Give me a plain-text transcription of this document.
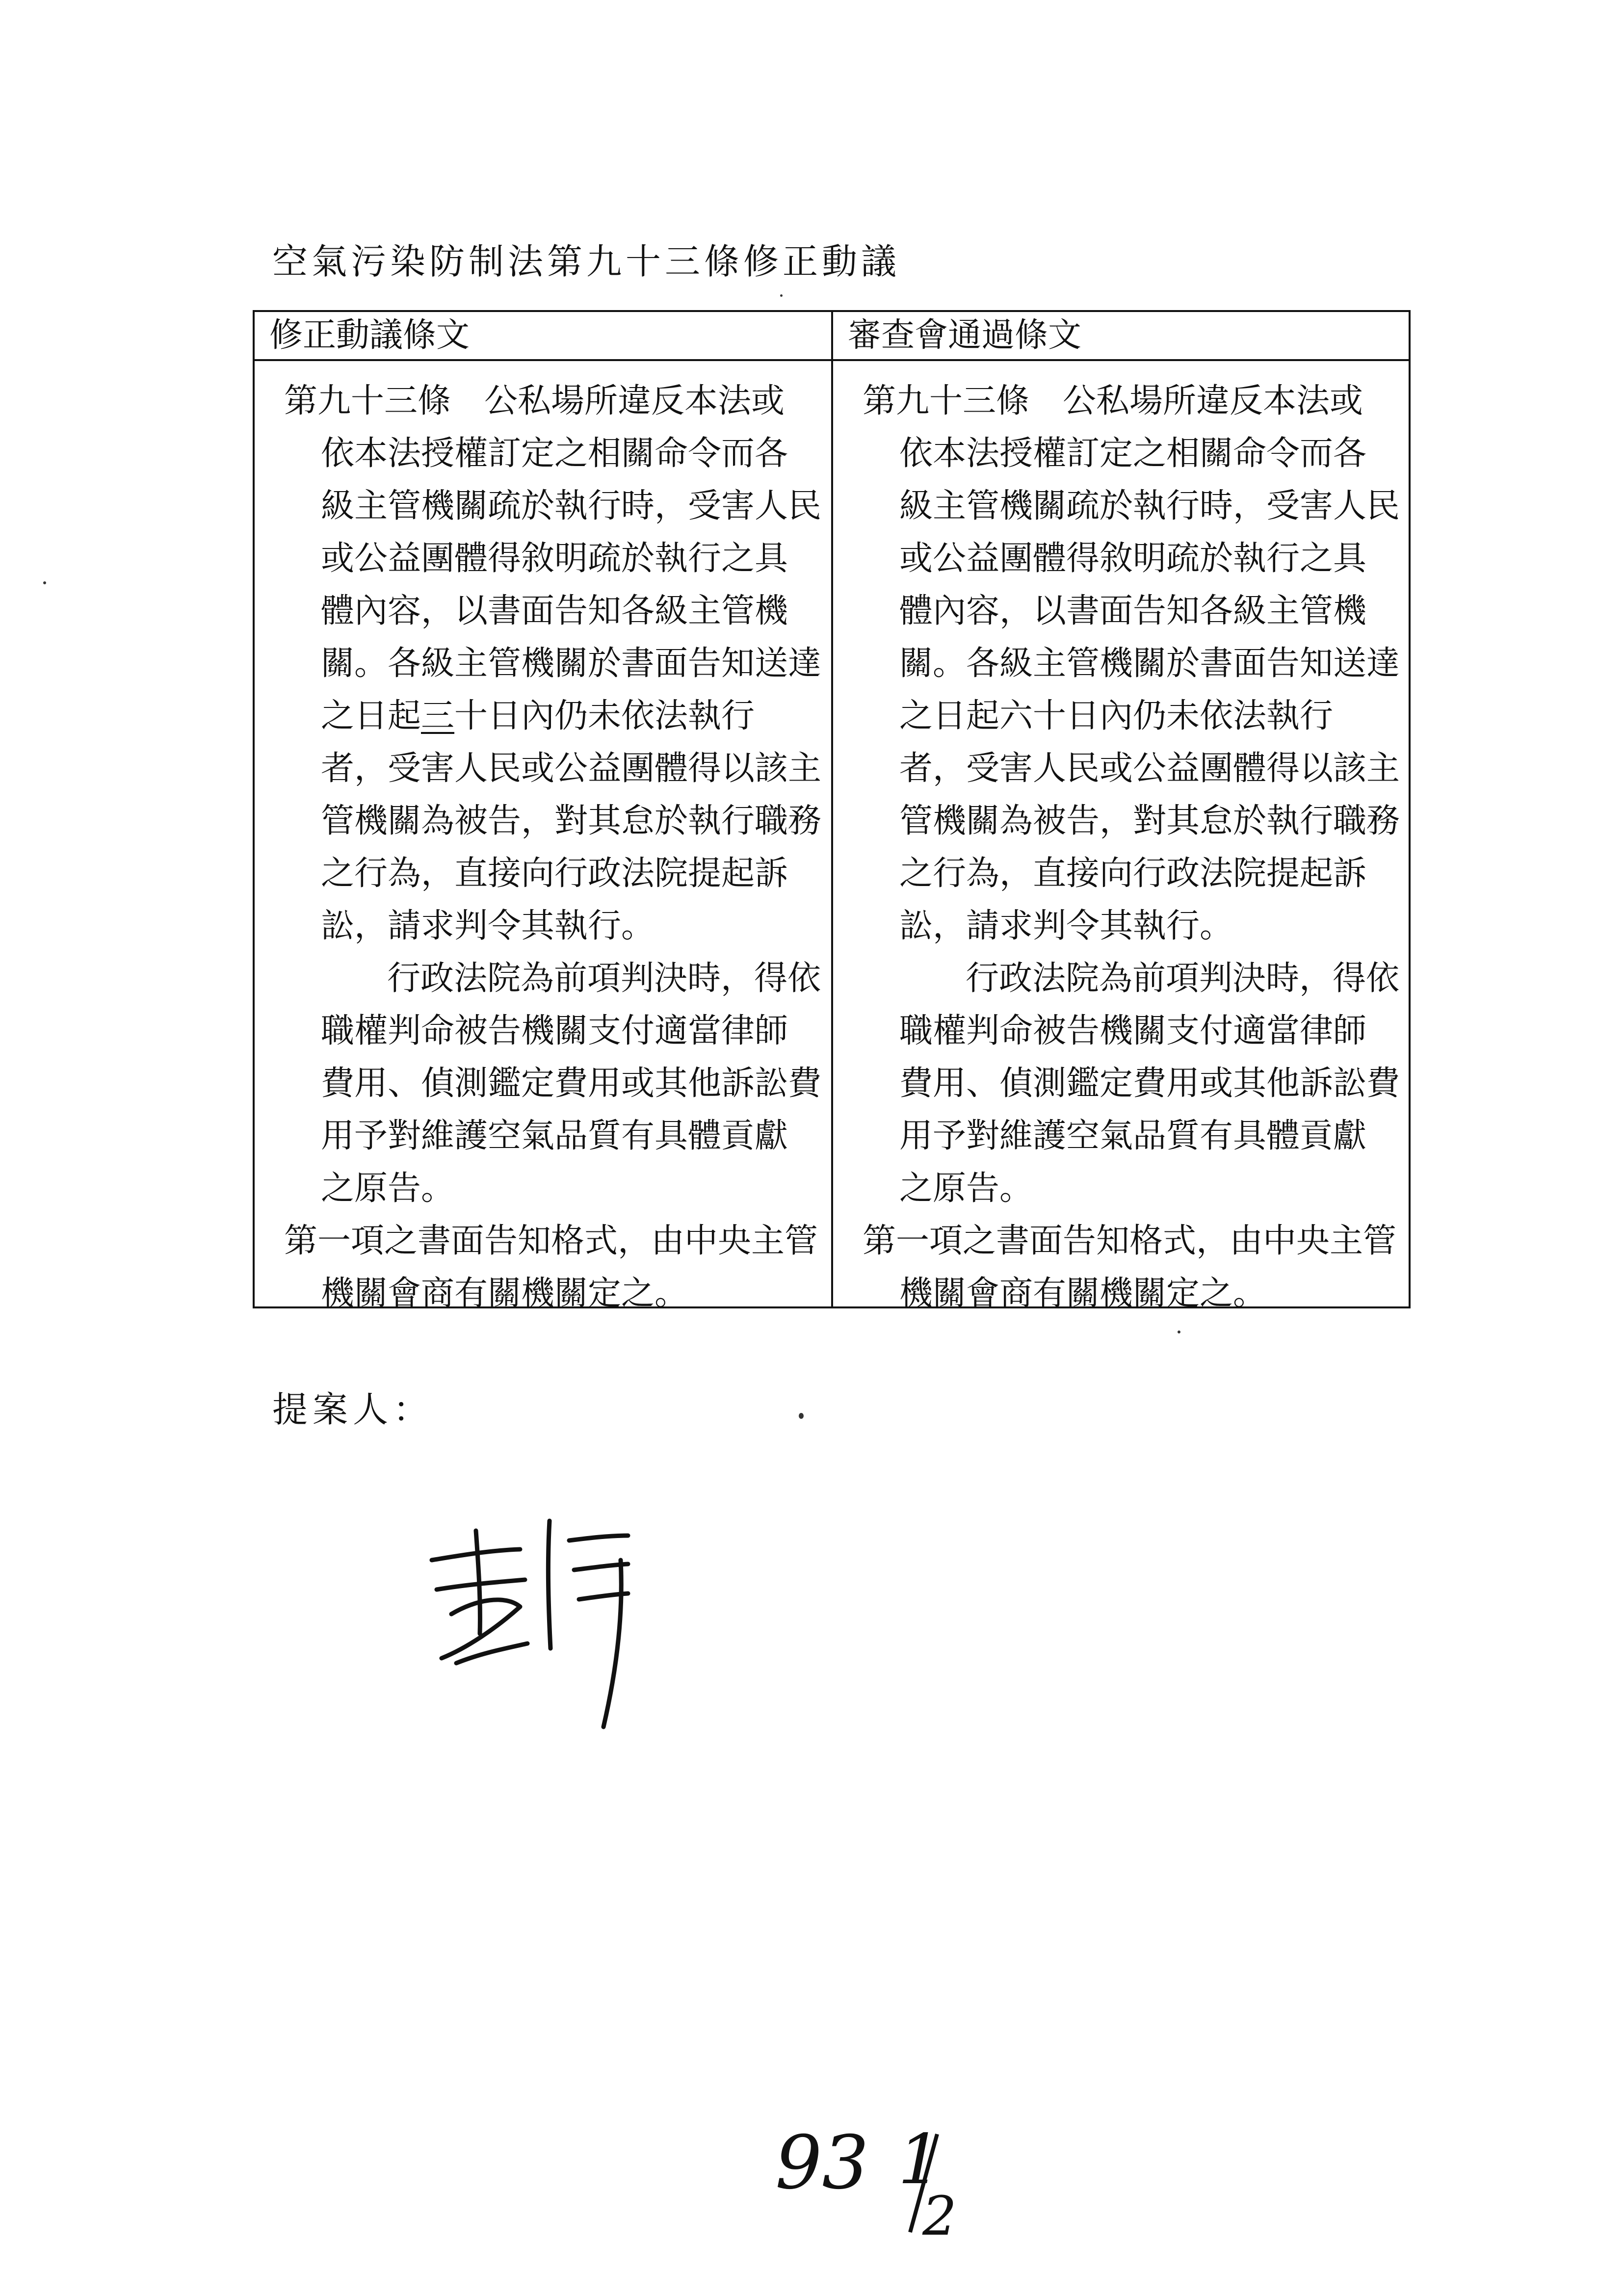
空氣污染防制法第九十三條修正動議
修正動議條文
第九十三條　公私場所違反本法或
依本法授權訂定之相關命令而各
級主管機關疏於執行時，受害人民
或公益團體得敘明疏於執行之具
體內容，以書面告知各級主管機
關。各級主管機關於書面告知送達
之日起三十日內仍未依法執行
者，受害人民或公益團體得以該主
管機關為被告，對其怠於執行職務
之行為，直接向行政法院提起訴
訟，請求判令其執行。
行政法院為前項判決時，得依
職權判命被告機關支付適當律師
費用、偵測鑑定費用或其他訴訟費
用予對維護空氣品質有具體貢獻
之原告。
第一項之書面告知格式，由中央主管
機關會商有關機關定之。
審查會通過條文
第九十三條　公私場所違反本法或
依本法授權訂定之相關命令而各
級主管機關疏於執行時，受害人民
或公益團體得敘明疏於執行之具
體內容，以書面告知各級主管機
關。各級主管機關於書面告知送達
之日起六十日內仍未依法執行
者，受害人民或公益團體得以該主
管機關為被告，對其怠於執行職務
之行為，直接向行政法院提起訴
訟，請求判令其執行。
行政法院為前項判決時，得依
職權判命被告機關支付適當律師
費用、偵測鑑定費用或其他訴訟費
用予對維護空氣品質有具體貢獻
之原告。
第一項之書面告知格式，由中央主管
機關會商有關機關定之。
提案人：
93 1
2
